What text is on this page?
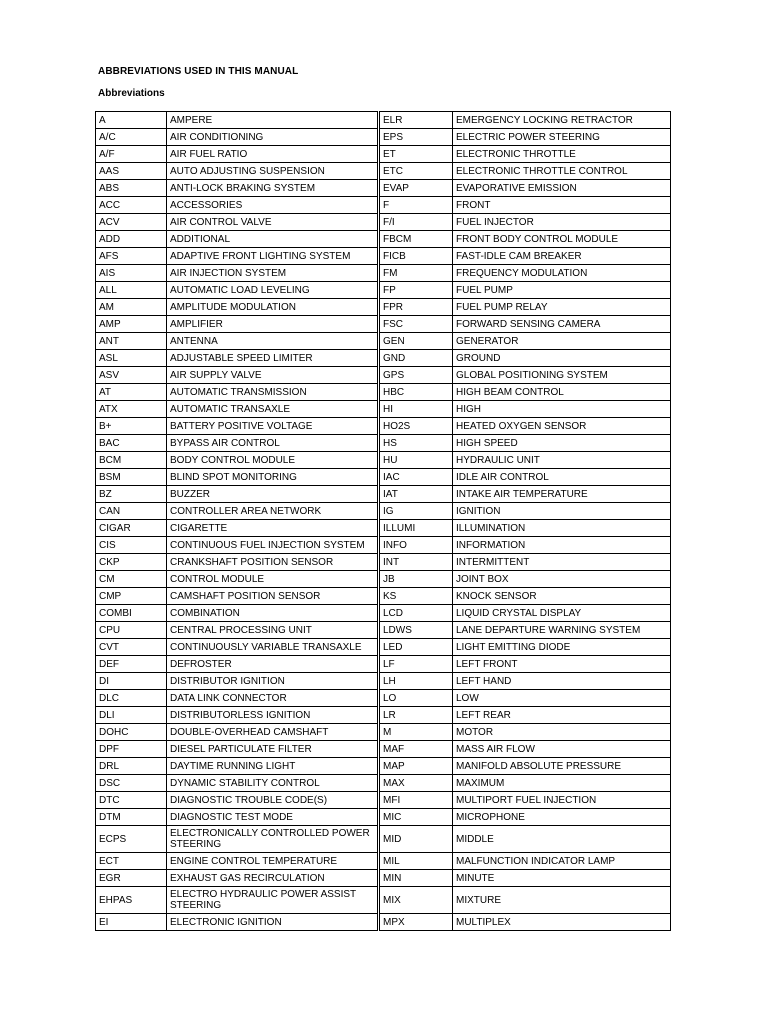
ABBREVIATIONS USED IN THIS MANUAL
Abbreviations
A	AMPERE
A/C	AIR CONDITIONING
A/F	AIR FUEL RATIO
AAS	AUTO ADJUSTING SUSPENSION
ABS	ANTI-LOCK BRAKING SYSTEM
ACC	ACCESSORIES
ACV	AIR CONTROL VALVE
ADD	ADDITIONAL
AFS	ADAPTIVE FRONT LIGHTING SYSTEM
AIS	AIR INJECTION SYSTEM
ALL	AUTOMATIC LOAD LEVELING
AM	AMPLITUDE MODULATION
AMP	AMPLIFIER
ANT	ANTENNA
ASL	ADJUSTABLE SPEED LIMITER
ASV	AIR SUPPLY VALVE
AT	AUTOMATIC TRANSMISSION
ATX	AUTOMATIC TRANSAXLE
B+	BATTERY POSITIVE VOLTAGE
BAC	BYPASS AIR CONTROL
BCM	BODY CONTROL MODULE
BSM	BLIND SPOT MONITORING
BZ	BUZZER
CAN	CONTROLLER AREA NETWORK
CIGAR	CIGARETTE
CIS	CONTINUOUS FUEL INJECTION SYSTEM
CKP	CRANKSHAFT POSITION SENSOR
CM	CONTROL MODULE
CMP	CAMSHAFT POSITION SENSOR
COMBI	COMBINATION
CPU	CENTRAL PROCESSING UNIT
CVT	CONTINUOUSLY VARIABLE TRANSAXLE
DEF	DEFROSTER
DI	DISTRIBUTOR IGNITION
DLC	DATA LINK CONNECTOR
DLI	DISTRIBUTORLESS IGNITION
DOHC	DOUBLE-OVERHEAD CAMSHAFT
DPF	DIESEL PARTICULATE FILTER
DRL	DAYTIME RUNNING LIGHT
DSC	DYNAMIC STABILITY CONTROL
DTC	DIAGNOSTIC TROUBLE CODE(S)
DTM	DIAGNOSTIC TEST MODE
ECPS	ELECTRONICALLY CONTROLLED POWER STEERING
ECT	ENGINE CONTROL TEMPERATURE
EGR	EXHAUST GAS RECIRCULATION
EHPAS	ELECTRO HYDRAULIC POWER ASSIST STEERING
EI	ELECTRONIC IGNITION
ELR	EMERGENCY LOCKING RETRACTOR
EPS	ELECTRIC POWER STEERING
ET	ELECTRONIC THROTTLE
ETC	ELECTRONIC THROTTLE CONTROL
EVAP	EVAPORATIVE EMISSION
F	FRONT
F/I	FUEL INJECTOR
FBCM	FRONT BODY CONTROL MODULE
FICB	FAST-IDLE CAM BREAKER
FM	FREQUENCY MODULATION
FP	FUEL PUMP
FPR	FUEL PUMP RELAY
FSC	FORWARD SENSING CAMERA
GEN	GENERATOR
GND	GROUND
GPS	GLOBAL POSITIONING SYSTEM
HBC	HIGH BEAM CONTROL
HI	HIGH
HO2S	HEATED OXYGEN SENSOR
HS	HIGH SPEED
HU	HYDRAULIC UNIT
IAC	IDLE AIR CONTROL
IAT	INTAKE AIR TEMPERATURE
IG	IGNITION
ILLUMI	ILLUMINATION
INFO	INFORMATION
INT	INTERMITTENT
JB	JOINT BOX
KS	KNOCK SENSOR
LCD	LIQUID CRYSTAL DISPLAY
LDWS	LANE DEPARTURE WARNING SYSTEM
LED	LIGHT EMITTING DIODE
LF	LEFT FRONT
LH	LEFT HAND
LO	LOW
LR	LEFT REAR
M	MOTOR
MAF	MASS AIR FLOW
MAP	MANIFOLD ABSOLUTE PRESSURE
MAX	MAXIMUM
MFI	MULTIPORT FUEL INJECTION
MIC	MICROPHONE
MID	MIDDLE
MIL	MALFUNCTION INDICATOR LAMP
MIN	MINUTE
MIX	MIXTURE
MPX	MULTIPLEX
